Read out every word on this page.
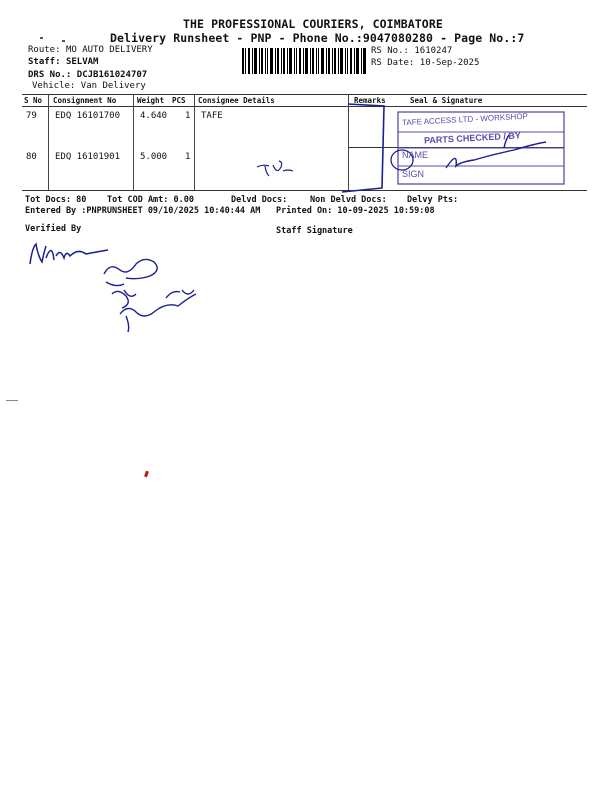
THE PROFESSIONAL COURIERS, COIMBATORE
Delivery Runsheet - PNP - Phone No.:9047080280 - Page No.:7
Route: MO AUTO DELIVERY
Staff: SELVAM
DRS No.: DCJB161024707
Vehicle: Van Delivery
RS No.: 1610247
RS Date: 10-Sep-2025
S No Consignment No	Weight PCS Consignee Details	Remarks	Seal & Signature
79 EDQ 16101700 4.640 1 TAFE
80 EDQ 16101901 5.000 1
TAFE ACCESS LTD - WORKSHOP
PARTS CHECKED / BY
NAME
SIGN
Tot Docs: 80 Tot COD Amt: 0.00	Delvd Docs:	Non Delvd Docs: Delvy Pts:
Entered By :PNPRUNSHEET 09/10/2025 10:40:44 AM Printed On: 10-09-2025 10:59:08
Verified By	Staff Signature
